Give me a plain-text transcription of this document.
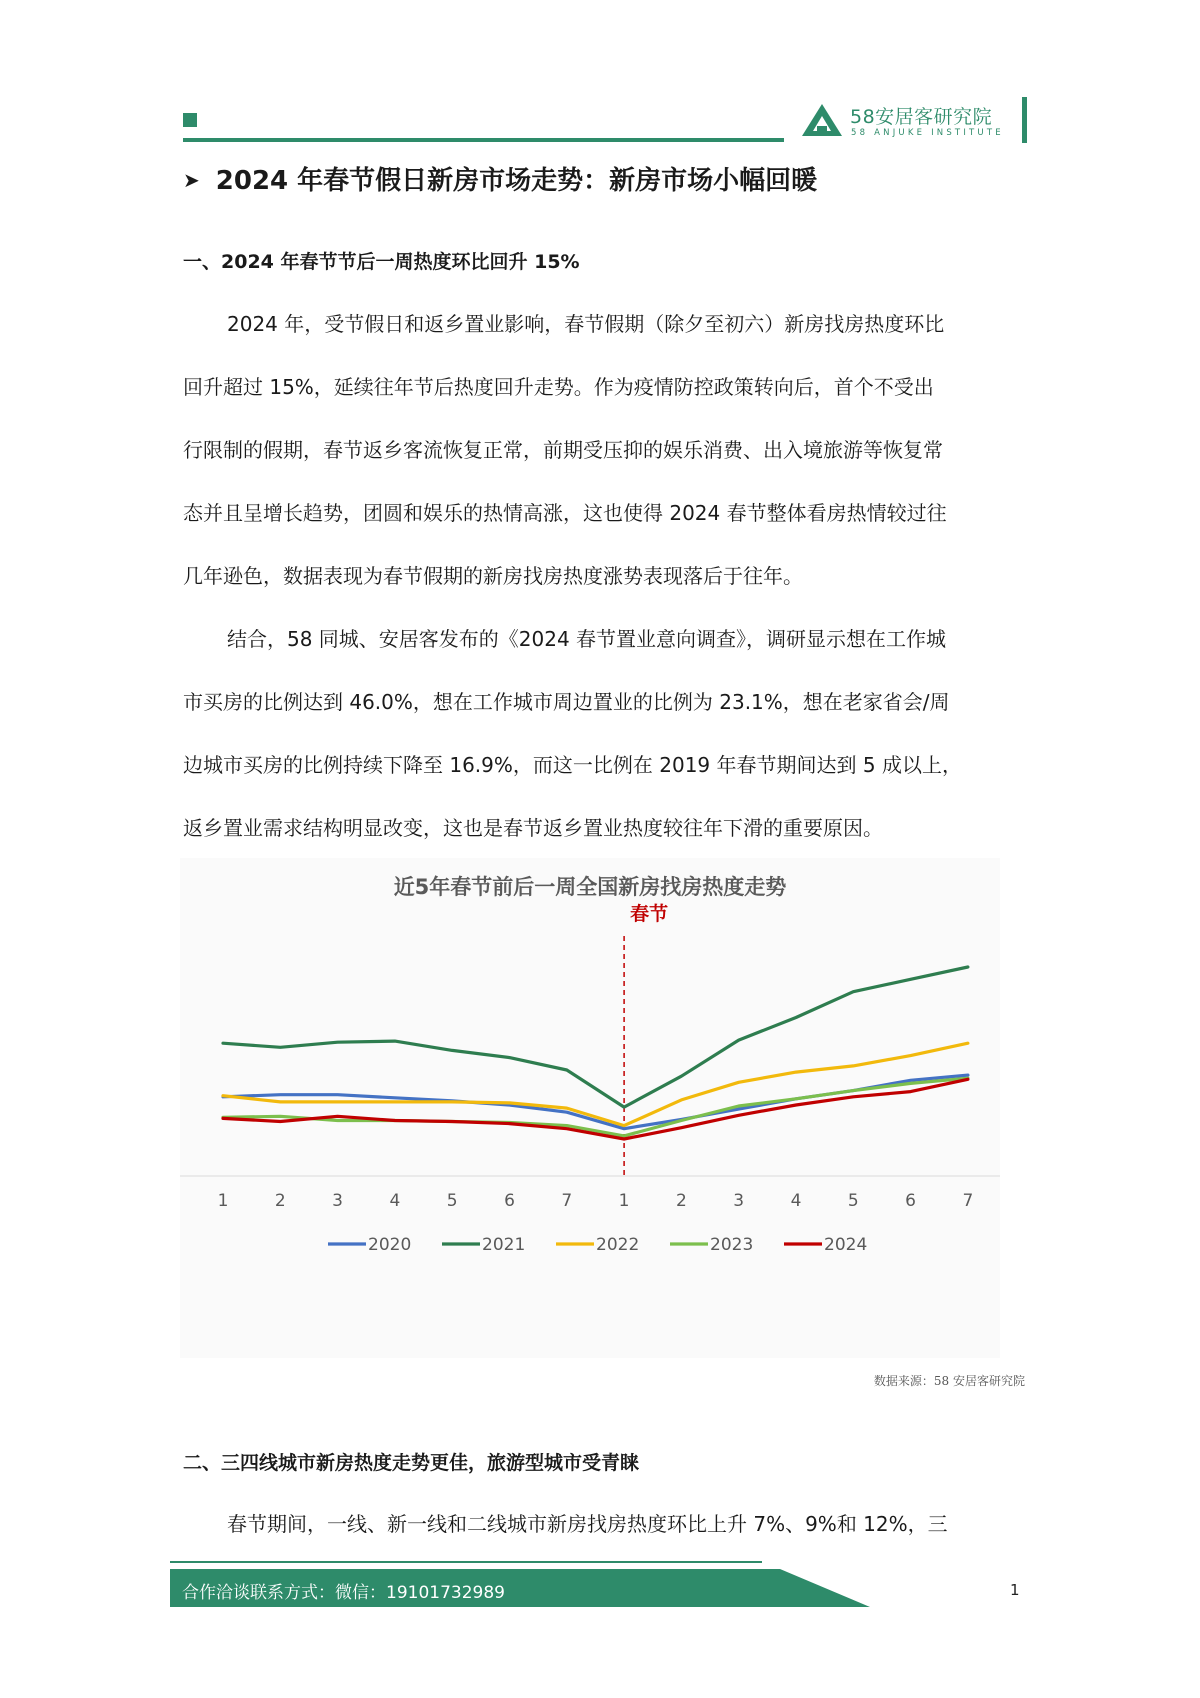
58安居客研究院
58 ANJUKE INSTITUTE
➤ 2024 年春节假日新房市场走势：新房市场小幅回暖
一、2024 年春节节后一周热度环比回升 15%
2024 年，受节假日和返乡置业影响，春节假期（除夕至初六）新房找房热度环比
回升超过 15%，延续往年节后热度回升走势。作为疫情防控政策转向后，首个不受出
行限制的假期，春节返乡客流恢复正常，前期受压抑的娱乐消费、出入境旅游等恢复常
态并且呈增长趋势，团圆和娱乐的热情高涨，这也使得 2024 春节整体看房热情较过往
几年逊色，数据表现为春节假期的新房找房热度涨势表现落后于往年。
结合，58 同城、安居客发布的《2024 春节置业意向调查》，调研显示想在工作城
市买房的比例达到 46.0%，想在工作城市周边置业的比例为 23.1%，想在老家省会/周
边城市买房的比例持续下降至 16.9%，而这一比例在 2019 年春节期间达到 5 成以上，
返乡置业需求结构明显改变，这也是春节返乡置业热度较往年下滑的重要原因。
近5年春节前后一周全国新房找房热度走势
1	2	3	4	5	6	7	1	2	3	4	5	6	7
春节
2020	2021	2022	2023	2024
数据来源：58 安居客研究院
二、三四线城市新房热度走势更佳，旅游型城市受青睐
春节期间，一线、新一线和二线城市新房找房热度环比上升 7%、9%和 12%，三
合作洽谈联系方式：微信：19101732989	1
